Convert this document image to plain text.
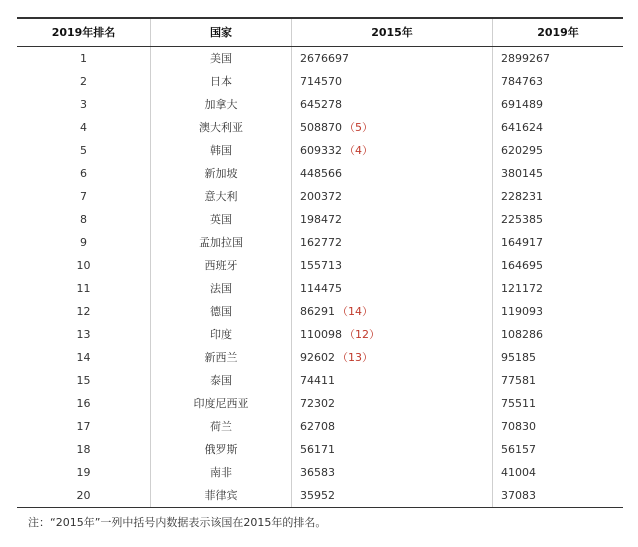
2019年排名	国家	2015年	2019年
1	美国	2676697	2899267
2	日本	714570	784763
3	加拿大	645278	691489
4	澳大利亚	508870 （5）	641624
5	韩国	609332 （4）	620295
6	新加坡	448566	380145
7	意大利	200372	228231
8	英国	198472	225385
9	孟加拉国	162772	164917
10	西班牙	155713	164695
11	法国	114475	121172
12	德国	86291 （14）	119093
13	印度	110098 （12）	108286
14	新西兰	92602 （13）	95185
15	泰国	74411	77581
16	印度尼西亚	72302	75511
17	荷兰	62708	70830
18	俄罗斯	56171	56157
19	南非	36583	41004
20	菲律宾	35952	37083
注：“2015年”一列中括号内数据表示该国在2015年的排名。
